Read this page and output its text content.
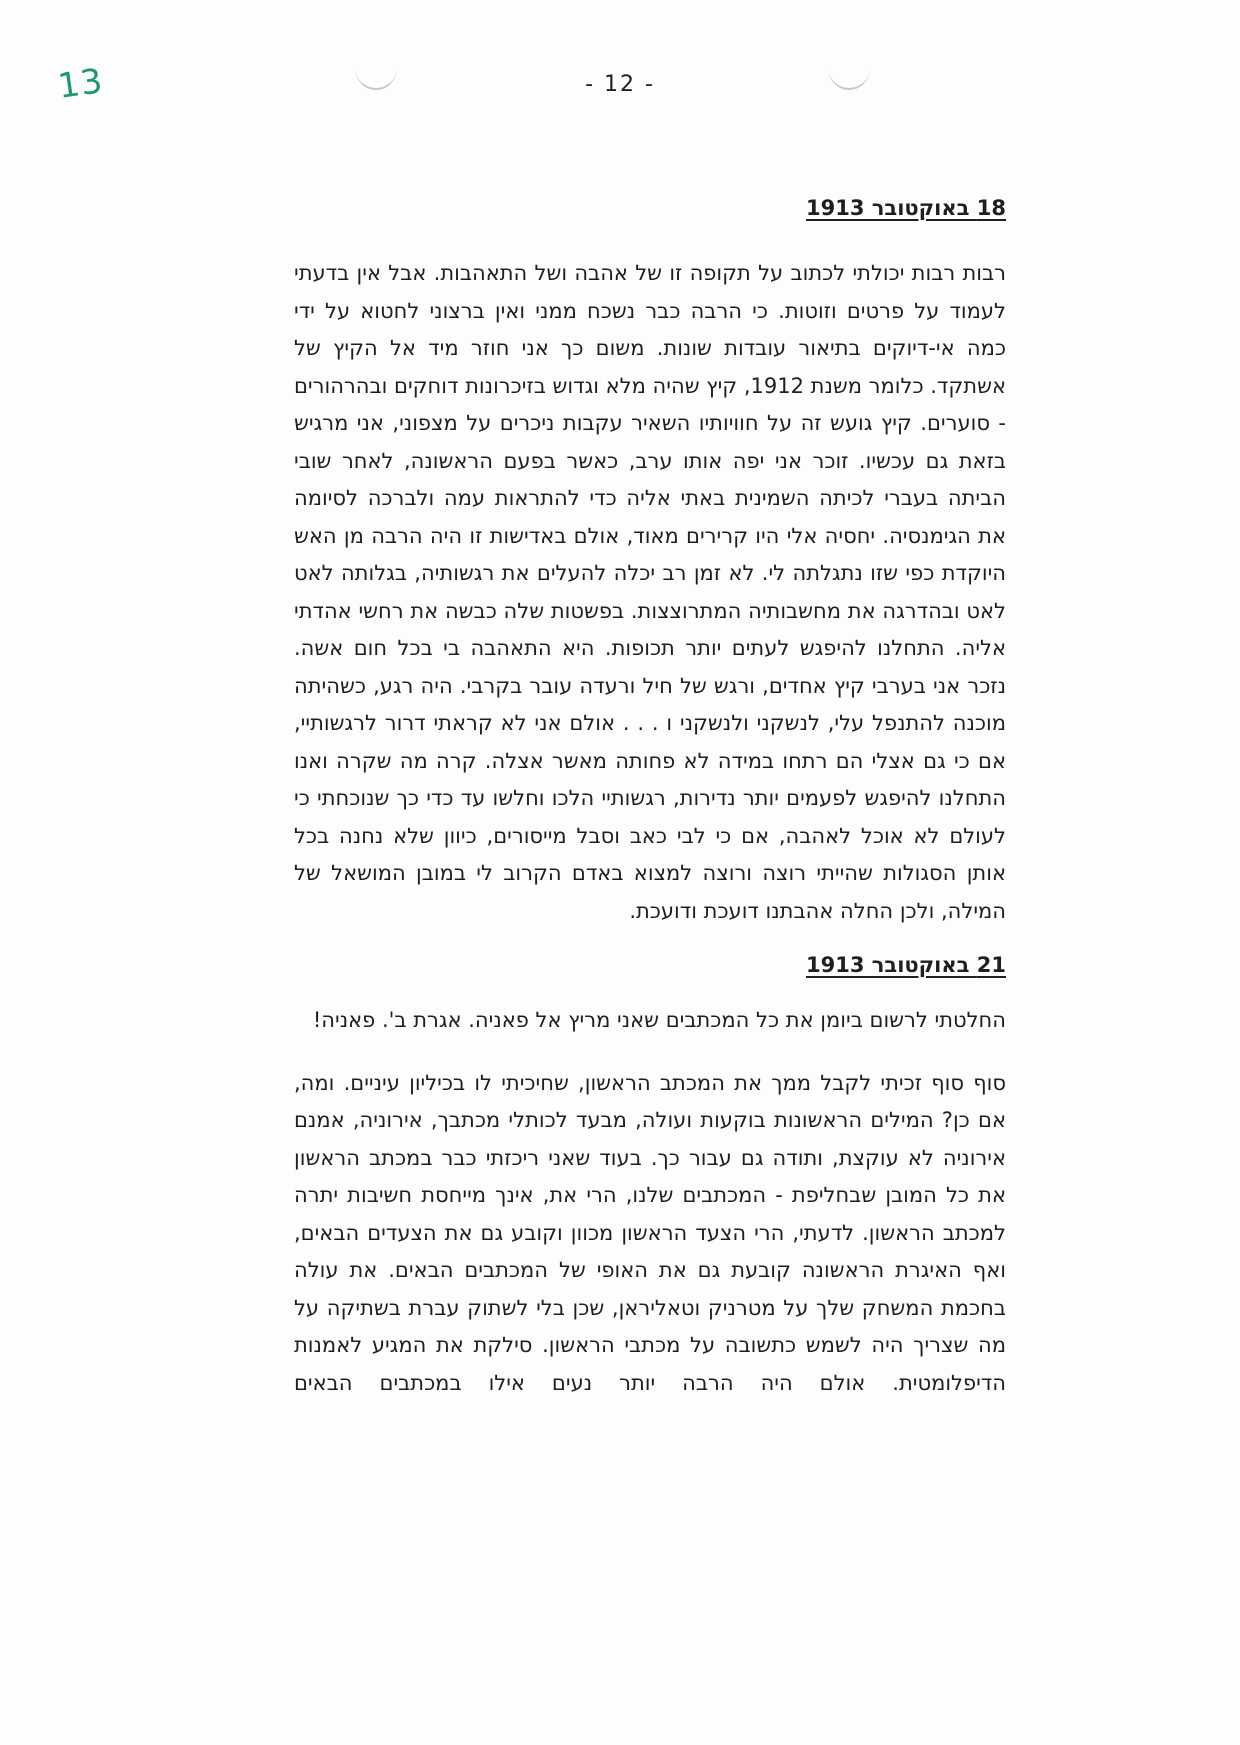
13	- 12 -

18 באוקטובר 1913

רבות רבות יכולתי לכתוב על תקופה זו של אהבה ושל התאהבות. אבל אין בדעתי לעמוד על פרטים וזוטות. כי הרבה כבר נשכח ממני ואין ברצוני לחטוא על ידי כמה אי-דיוקים בתיאור עובדות שונות. משום כך אני חוזר מיד אל הקיץ של אשתקד. כלומר משנת 1912, קיץ שהיה מלא וגדוש בזיכרונות דוחקים ובהרהורים - סוערים. קיץ גועש זה על חוויותיו השאיר עקבות ניכרים על מצפוני, אני מרגיש בזאת גם עכשיו. זוכר אני יפה אותו ערב, כאשר בפעם הראשונה, לאחר שובי הביתה בעברי לכיתה השמינית באתי אליה כדי להתראות עמה ולברכה לסיומה את הגימנסיה. יחסיה אלי היו קרירים מאוד, אולם באדישות זו היה הרבה מן האש היוקדת כפי שזו נתגלתה לי. לא זמן רב יכלה להעלים את רגשותיה, בגלותה לאט לאט ובהדרגה את מחשבותיה המתרוצצות. בפשטות שלה כבשה את רחשי אהדתי אליה. התחלנו להיפגש לעתים יותר תכופות. היא התאהבה בי בכל חום אשה. נזכר אני בערבי קיץ אחדים, ורגש של חיל ורעדה עובר בקרבי. היה רגע, כשהיתה מוכנה להתנפל עלי, לנשקני ולנשקני ו . . . אולם אני לא קראתי דרור לרגשותיי, אם כי גם אצלי הם רתחו במידה לא פחותה מאשר אצלה. קרה מה שקרה ואנו התחלנו להיפגש לפעמים יותר נדירות, רגשותיי הלכו וחלשו עד כדי כך שנוכחתי כי לעולם לא אוכל לאהבה, אם כי לבי כאב וסבל מייסורים, כיוון שלא נחנה בכל אותן הסגולות שהייתי רוצה ורוצה למצוא באדם הקרוב לי במובן המושאל של המילה, ולכן החלה אהבתנו דועכת ודועכת.

21 באוקטובר 1913

החלטתי לרשום ביומן את כל המכתבים שאני מריץ אל פאניה. אגרת ב'. פאניה!

סוף סוף זכיתי לקבל ממך את המכתב הראשון, שחיכיתי לו בכיליון עיניים. ומה, אם כן? המילים הראשונות בוקעות ועולה, מבעד לכותלי מכתבך, אירוניה, אמנם אירוניה לא עוקצת, ותודה גם עבור כך. בעוד שאני ריכזתי כבר במכתב הראשון את כל המובן שבחליפת - המכתבים שלנו, הרי את, אינך מייחסת חשיבות יתרה למכתב הראשון. לדעתי, הרי הצעד הראשון מכוון וקובע גם את הצעדים הבאים, ואף האיגרת הראשונה קובעת גם את האופי של המכתבים הבאים. את עולה בחכמת המשחק שלך על מטרניק וטאליראן, שכן בלי לשתוק עברת בשתיקה על מה שצריך היה לשמש כתשובה על מכתבי הראשון. סילקת את המגיע לאמנות הדיפלומטית. אולם היה הרבה יותר נעים אילו במכתבים הבאים
